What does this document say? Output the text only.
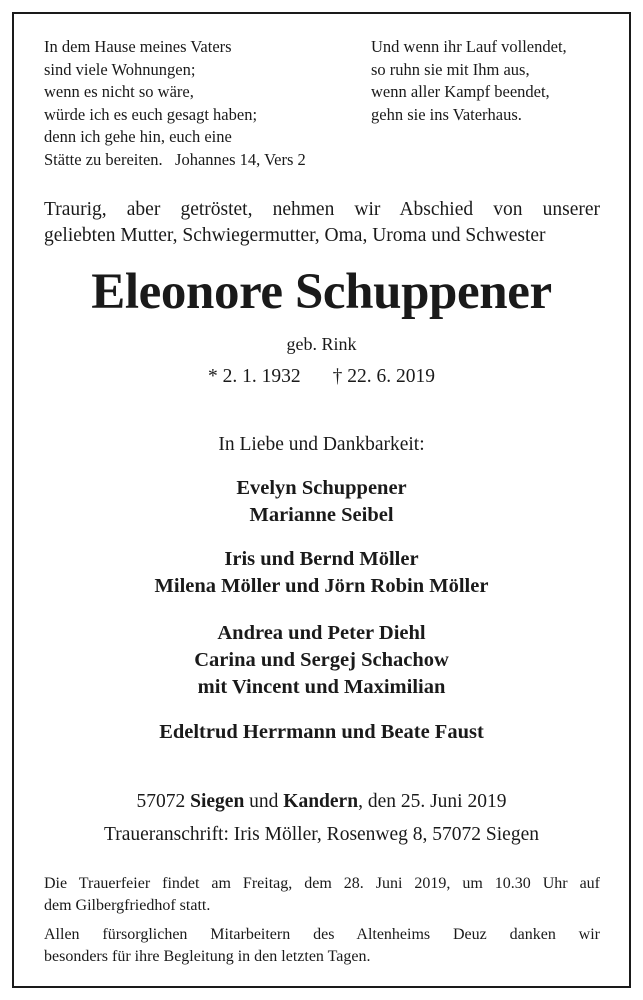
In dem Hause meines Vaters
sind viele Wohnungen;
wenn es nicht so wäre,
würde ich es euch gesagt haben;
denn ich gehe hin, euch eine
Stätte zu bereiten.   Johannes 14, Vers 2
Und wenn ihr Lauf vollendet,
so ruhn sie mit Ihm aus,
wenn aller Kampf beendet,
gehn sie ins Vaterhaus.
Traurig, aber getröstet, nehmen wir Abschied von unserer
geliebten Mutter, Schwiegermutter, Oma, Uroma und Schwester
Eleonore Schuppener
geb. Rink
* 2. 1. 1932 † 22. 6. 2019
In Liebe und Dankbarkeit:
Evelyn Schuppener
Marianne Seibel
Iris und Bernd Möller
Milena Möller und Jörn Robin Möller
Andrea und Peter Diehl
Carina und Sergej Schachow
mit Vincent und Maximilian
Edeltrud Herrmann und Beate Faust
57072 Siegen und Kandern, den 25. Juni 2019
Traueranschrift: Iris Möller, Rosenweg 8, 57072 Siegen
Die Trauerfeier findet am Freitag, dem 28. Juni 2019, um 10.30 Uhr auf
dem Gilbergfriedhof statt.
Allen fürsorglichen Mitarbeitern des Altenheims Deuz danken wir
besonders für ihre Begleitung in den letzten Tagen.
